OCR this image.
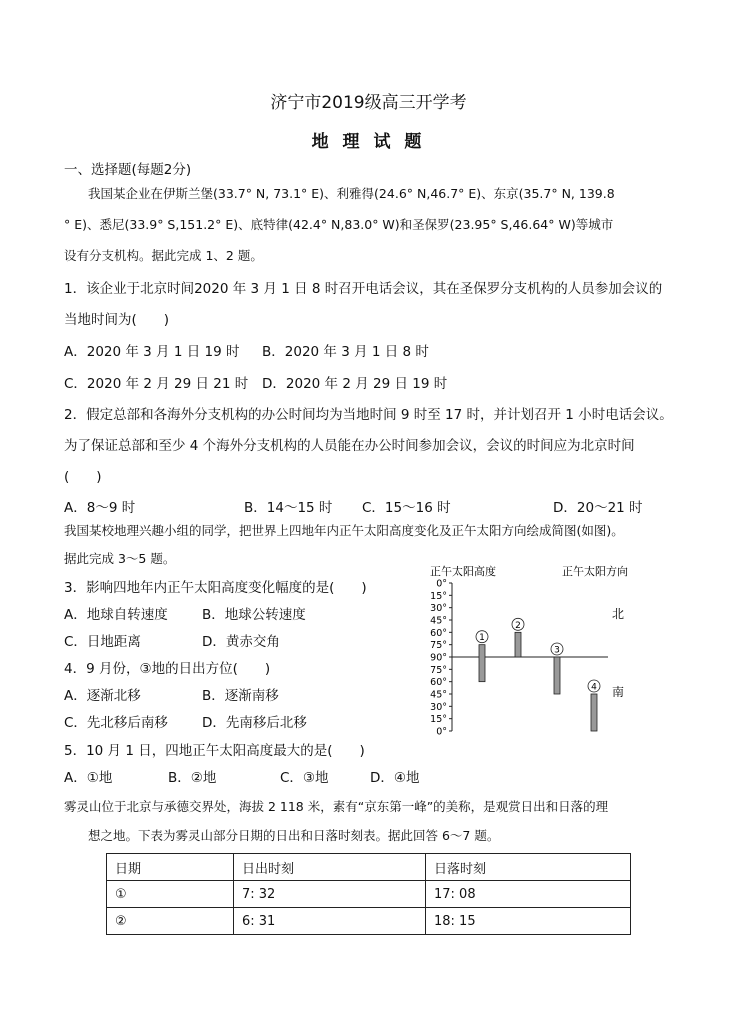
济宁市2019级高三开学考
地 理 试 题
一、选择题(每题2分)
我国某企业在伊斯兰堡(33.7° N, 73.1° E)、利雅得(24.6° N,46.7° E)、东京(35.7° N, 139.8
° E)、悉尼(33.9° S,151.2° E)、底特律(42.4° N,83.0° W)和圣保罗(23.95° S,46.64° W)等城市
设有分支机构。据此完成 1、2 题。
1．该企业于北京时间2020 年 3 月 1 日 8 时召开电话会议，其在圣保罗分支机构的人员参加会议的
当地时间为(　　)
A．2020 年 3 月 1 日 19 时 B．2020 年 3 月 1 日 8 时
C．2020 年 2 月 29 日 21 时 D．2020 年 2 月 29 日 19 时
2．假定总部和各海外分支机构的办公时间均为当地时间 9 时至 17 时，并计划召开 1 小时电话会议。
为了保证总部和至少 4 个海外分支机构的人员能在办公时间参加会议，会议的时间应为北京时间
(　　)
A．8～9 时	B．14～15 时 C．15～16 时	D．20～21 时
我国某校地理兴趣小组的同学，把世界上四地年内正午太阳高度变化及正午太阳方向绘成简图(如图)。
据此完成 3～5 题。
3．影响四地年内正午太阳高度变化幅度的是(　　)
A．地球自转速度	B．地球公转速度
C．日地距离	D．黄赤交角
4．9 月份，③地的日出方位(　　)
A．逐渐北移	B．逐渐南移
C．先北移后南移	D．先南移后北移
5．10 月 1 日，四地正午太阳高度最大的是(　　)
A．①地	B．②地	C．③地	D．④地
正午太阳高度	正午太阳方向
北
南
0°
15°
30°
45°
60°
75°
90°
75°
60°
45°
30°
15°
0°
1
2
3
4
雾灵山位于北京与承德交界处，海拔 2 118 米，素有“京东第一峰”的美称，是观赏日出和日落的理
想之地。下表为雾灵山部分日期的日出和日落时刻表。据此回答 6～7 题。
日期	日出时刻	日落时刻
①	7: 32	17: 08
②	6: 31	18: 15
